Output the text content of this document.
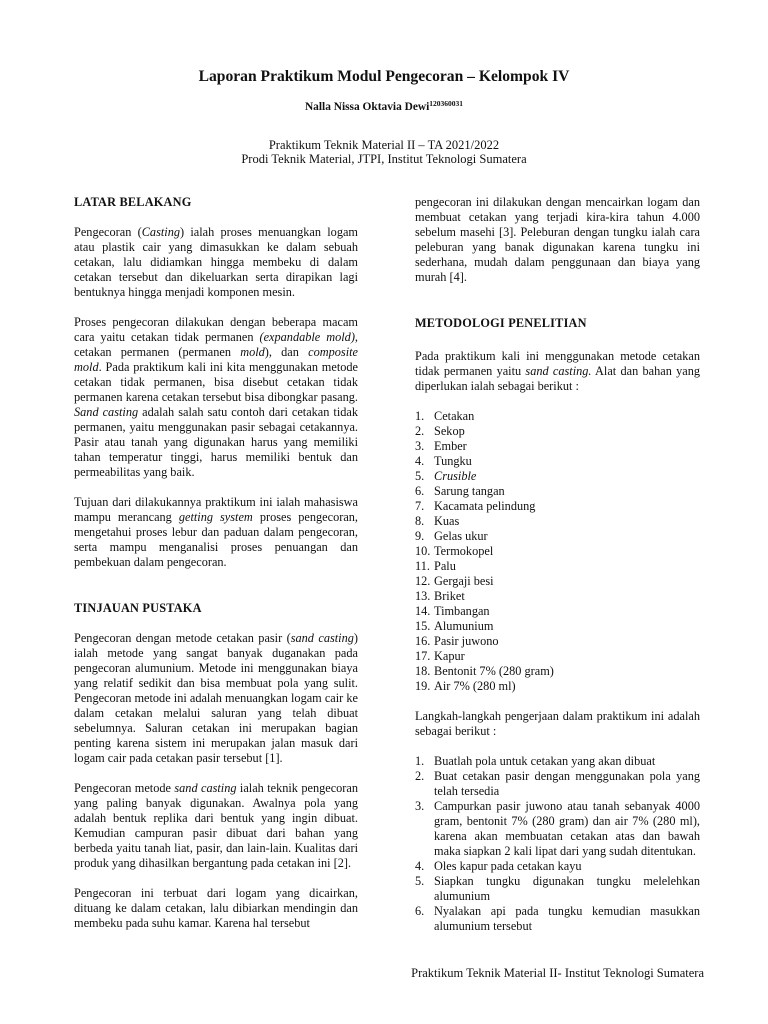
Laporan Praktikum Modul Pengecoran – Kelompok IV
Nalla Nissa Oktavia Dewi$^{120360031}$
Praktikum Teknik Material II – TA 2021/2022
Prodi Teknik Material, JTPI, Institut Teknologi Sumatera
LATAR BELAKANG

Pengecoran (Casting) ialah proses menuangkan logam atau plastik cair yang dimasukkan ke dalam sebuah cetakan, lalu didiamkan hingga membeku di dalam cetakan tersebut dan dikeluarkan serta dirapikan lagi bentuknya hingga menjadi komponen mesin.

Proses pengecoran dilakukan dengan beberapa macam cara yaitu cetakan tidak permanen (expandable mold), cetakan permanen (permanen mold), dan composite mold. Pada praktikum kali ini kita menggunakan metode cetakan tidak permanen, bisa disebut cetakan tidak permanen karena cetakan tersebut bisa dibongkar pasang. Sand casting adalah salah satu contoh dari cetakan tidak permanen, yaitu menggunakan pasir sebagai cetakannya. Pasir atau tanah yang digunakan harus yang memiliki tahan temperatur tinggi, harus memiliki bentuk dan permeabilitas yang baik.

Tujuan dari dilakukannya praktikum ini ialah mahasiswa mampu merancang getting system proses pengecoran, mengetahui proses lebur dan paduan dalam pengecoran, serta mampu menganalisi proses penuangan dan pembekuan dalam pengecoran.

TINJAUAN PUSTAKA

Pengecoran dengan metode cetakan pasir (sand casting) ialah metode yang sangat banyak duganakan pada pengecoran alumunium. Metode ini menggunakan biaya yang relatif sedikit dan bisa membuat pola yang sulit. Pengecoran metode ini adalah menuangkan logam cair ke dalam cetakan melalui saluran yang telah dibuat sebelumnya. Saluran cetakan ini merupakan bagian penting karena sistem ini merupakan jalan masuk dari logam cair pada cetakan pasir tersebut [1].

Pengecoran metode sand casting ialah teknik pengecoran yang paling banyak digunakan. Awalnya pola yang adalah bentuk replika dari bentuk yang ingin dibuat. Kemudian campuran pasir dibuat dari bahan yang berbeda yaitu tanah liat, pasir, dan lain-lain. Kualitas dari produk yang dihasilkan bergantung pada cetakan ini [2].

Pengecoran ini terbuat dari logam yang dicairkan, dituang ke dalam cetakan, lalu dibiarkan mendingin dan membeku pada suhu kamar. Karena hal tersebut

pengecoran ini dilakukan dengan mencairkan logam dan membuat cetakan yang terjadi kira-kira tahun 4.000 sebelum masehi [3]. Peleburan dengan tungku ialah cara peleburan yang banak digunakan karena tungku ini sederhana, mudah dalam penggunaan dan biaya yang murah [4].

METODOLOGI PENELITIAN

Pada praktikum kali ini menggunakan metode cetakan tidak permanen yaitu sand casting. Alat dan bahan yang diperlukan ialah sebagai berikut :

1. Cetakan
2. Sekop
3. Ember
4. Tungku
5. Crusible
6. Sarung tangan
7. Kacamata pelindung
8. Kuas
9. Gelas ukur
10. Termokopel
11. Palu
12. Gergaji besi
13. Briket
14. Timbangan
15. Alumunium
16. Pasir juwono
17. Kapur
18. Bentonit 7% (280 gram)
19. Air 7% (280 ml)

Langkah-langkah pengerjaan dalam praktikum ini adalah sebagai berikut :

1. Buatlah pola untuk cetakan yang akan dibuat
2. Buat cetakan pasir dengan menggunakan pola yang telah tersedia
3. Campurkan pasir juwono atau tanah sebanyak 4000 gram, bentonit 7% (280 gram) dan air 7% (280 ml), karena akan membuatan cetakan atas dan bawah maka siapkan 2 kali lipat dari yang sudah ditentukan.
4. Oles kapur pada cetakan kayu
5. Siapkan tungku digunakan tungku melelehkan alumunium
6. Nyalakan api pada tungku kemudian masukkan alumunium tersebut
Praktikum Teknik Material II- Institut Teknologi Sumatera
